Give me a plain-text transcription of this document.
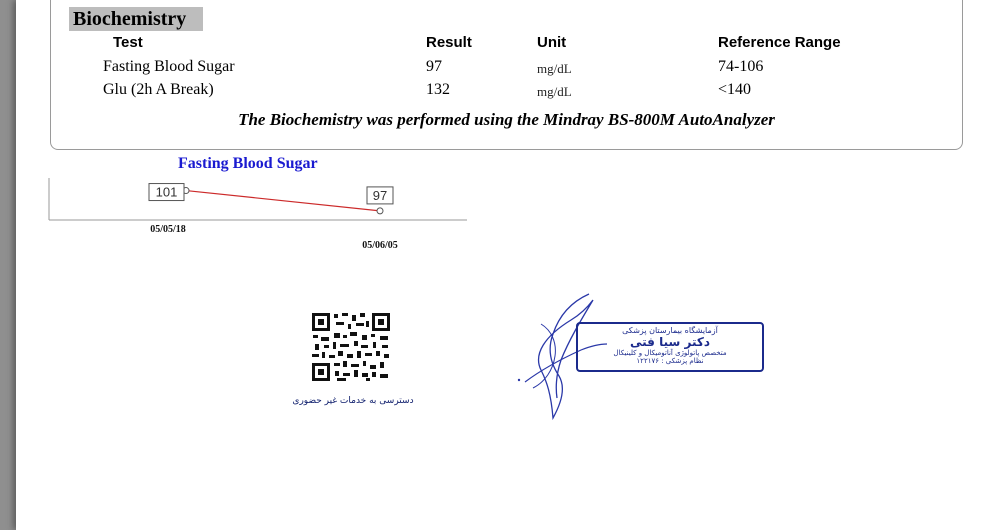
Biochemistry
Test	Result	Unit	Reference Range
Fasting Blood Sugar	97	mg/dL	74-106
Glu (2h A Break)	132	mg/dL	<140
The Biochemistry was performed using the Mindray BS-800M AutoAnalyzer
Fasting Blood Sugar
101	97
05/05/18
05/06/05
دسترسی به خدمات غیر حضوری
آزمایشگاه بیمارستان پزشکی
دکتر سیا فتی
متخصص پاتولوژی آناتومیکال و کلینیکال
نظام پزشکی : ۱۲۲۱۷۶
